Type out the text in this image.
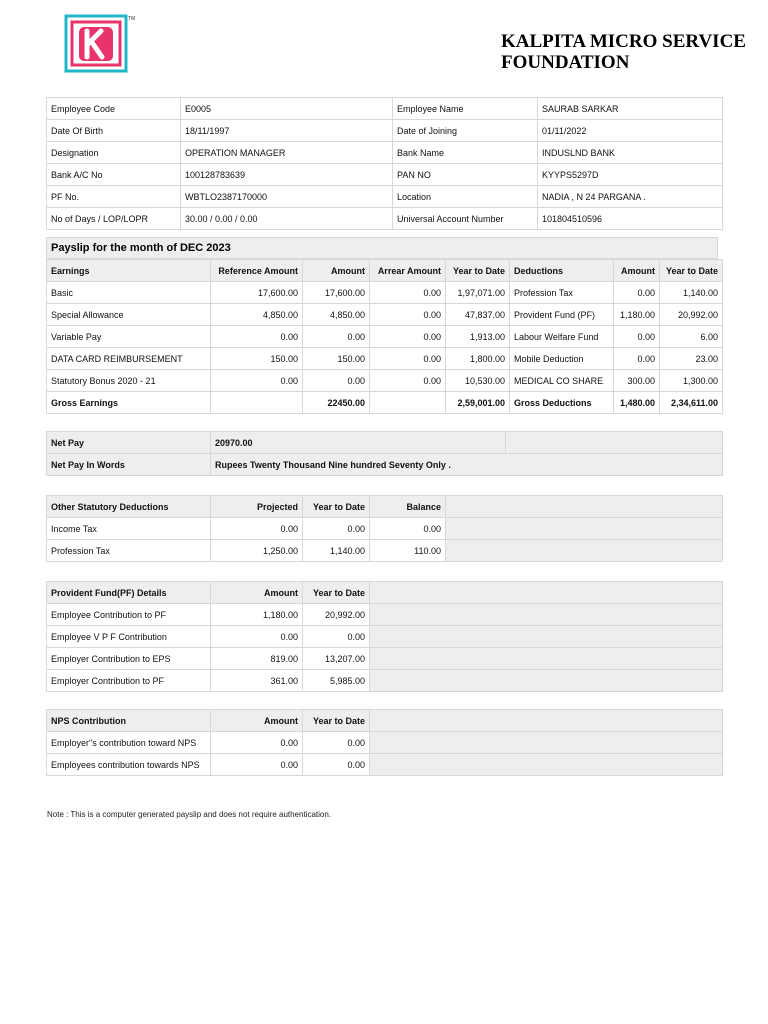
TM
KALPITA MICRO SERVICE
FOUNDATION
Employee Code	E0005	Employee Name	SAURAB SARKAR
Date Of Birth	18/11/1997	Date of Joining	01/11/2022
Designation	OPERATION MANAGER	Bank Name	INDUSLND BANK
Bank A/C No	100128783639	PAN NO	KYYPS5297D
PF No.	WBTLO2387170000	Location	NADIA , N 24 PARGANA .
No of Days / LOP/LOPR	30.00 / 0.00 / 0.00	Universal Account Number	101804510596
Payslip for the month of DEC 2023
Earnings	Reference Amount	Amount	Arrear Amount	Year to Date	Deductions	Amount	Year to Date
Basic	17,600.00	17,600.00	0.00	1,97,071.00	Profession Tax	0.00	1,140.00
Special Allowance	4,850.00	4,850.00	0.00	47,837.00	Provident Fund (PF)	1,180.00	20,992.00
Variable Pay	0.00	0.00	0.00	1,913.00	Labour Welfare Fund	0.00	6.00
DATA CARD REIMBURSEMENT	150.00	150.00	0.00	1,800.00	Mobile Deduction	0.00	23.00
Statutory Bonus 2020 - 21	0.00	0.00	0.00	10,530.00	MEDICAL CO SHARE	300.00	1,300.00
Gross Earnings		22450.00		2,59,001.00	Gross Deductions	1,480.00	2,34,611.00

Net Pay	20970.00	
Net Pay In Words	Rupees Twenty Thousand Nine hundred Seventy Only .	
Other Statutory Deductions	Projected	Year to Date	Balance	
Income Tax	0.00	0.00	0.00	
Profession Tax	1,250.00	1,140.00	110.00	
Provident Fund(PF) Details	Amount	Year to Date	
Employee Contribution to PF	1,180.00	20,992.00	
Employee V P F Contribution	0.00	0.00	
Employer Contribution to EPS	819.00	13,207.00	
Employer Contribution to PF	361.00	5,985.00	

NPS Contribution	Amount	Year to Date	
Employer"s contribution toward NPS	0.00	0.00	
Employees contribution towards NPS	0.00	0.00	
Note : This is a computer generated payslip and does not require authentication.
